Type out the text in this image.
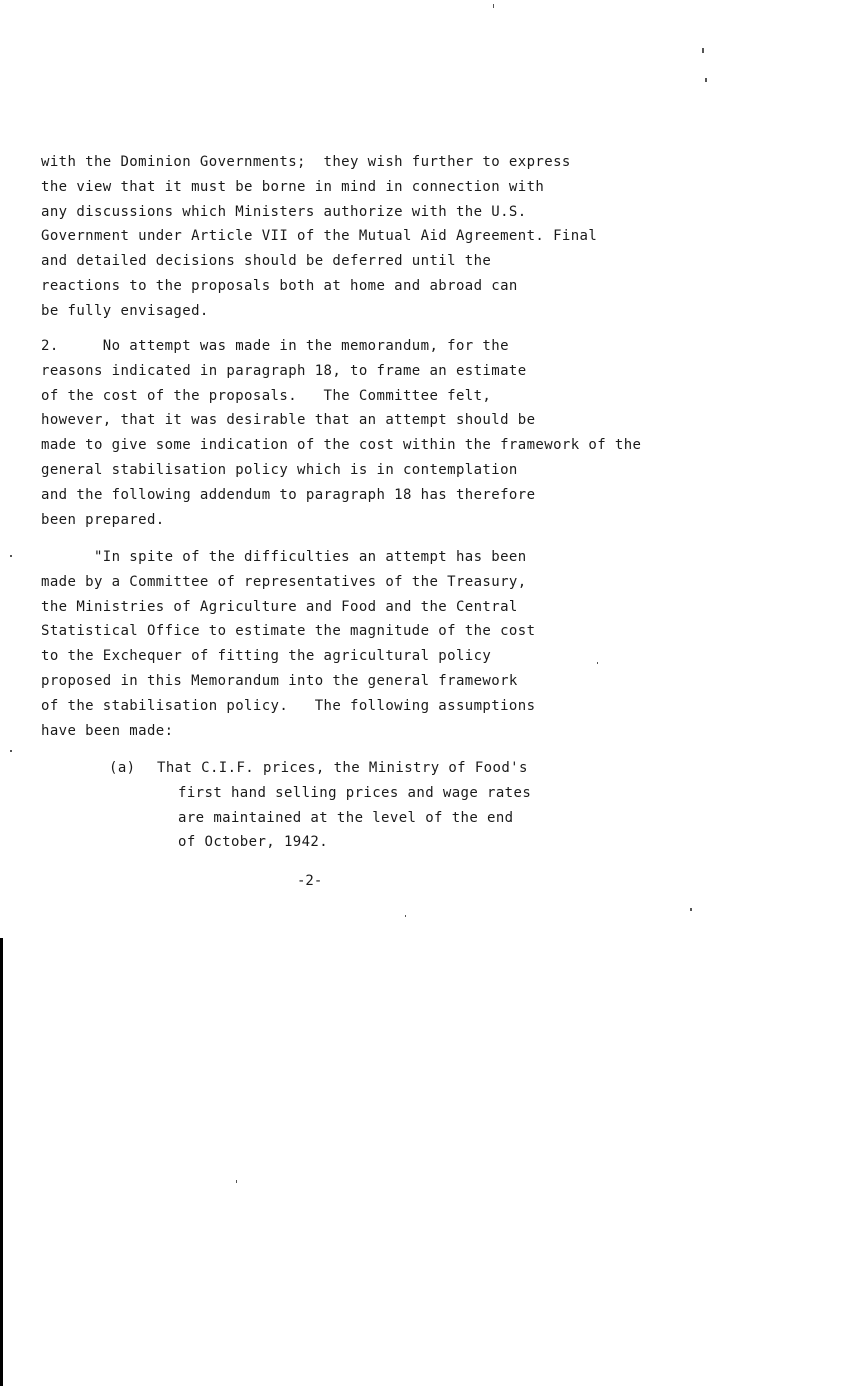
with the Dominion Governments;  they wish further to express
the view that it must be borne in mind in connection with
any discussions which Ministers authorize with the U.S.
Government under Article VII of the Mutual Aid Agreement. Final
and detailed decisions should be deferred until the
reactions to the proposals both at home and abroad can
be fully envisaged.
2.     No attempt was made in the memorandum, for the
reasons indicated in paragraph 18, to frame an estimate
of the cost of the proposals.   The Committee felt,
however, that it was desirable that an attempt should be
made to give some indication of the cost within the framework of the
general stabilisation policy which is in contemplation
and the following addendum to paragraph 18 has therefore
been prepared.
"In spite of the difficulties an attempt has been
made by a Committee of representatives of the Treasury,
the Ministries of Agriculture and Food and the Central
Statistical Office to estimate the magnitude of the cost
to the Exchequer of fitting the agricultural policy
proposed in this Memorandum into the general framework
of the stabilisation policy.   The following assumptions
have been made:
(a) That C.I.F. prices, the Ministry of Food's
first hand selling prices and wage rates
are maintained at the level of the end
of October, 1942.
-2-
